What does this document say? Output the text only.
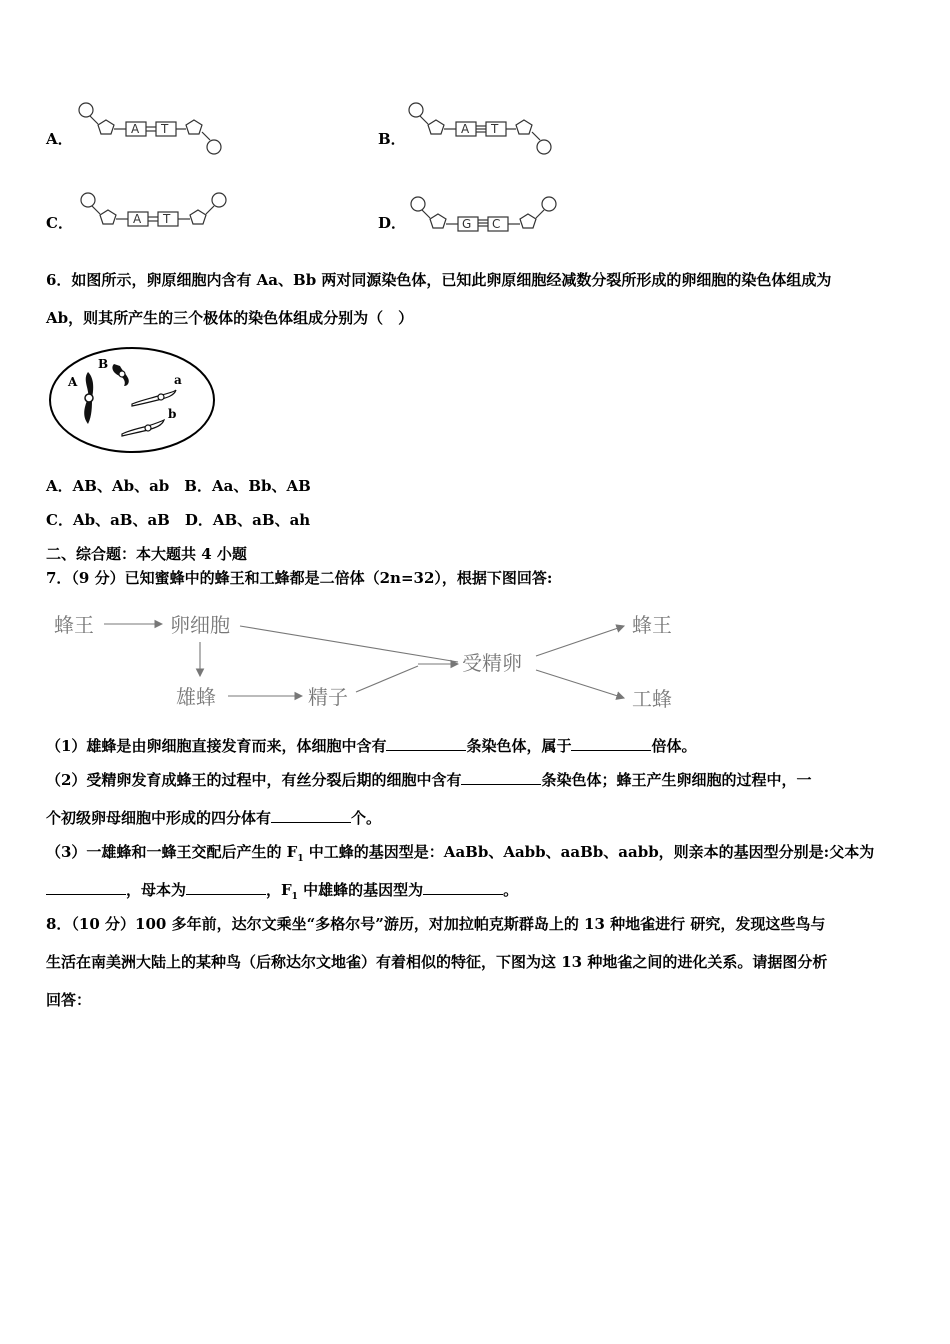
A．
A T
B．
A T
C．	A T	D．	G C
6．如图所示，卵原细胞内含有 Aa、Bb 两对同源染色体，已知此卵原细胞经减数分裂所形成的卵细胞的染色体组成为
Ab，则其所产生的三个极体的染色体组成分别为（　）
A
B
a
b
A．AB、Ab、ab　B．Aa、Bb、AB
C．Ab、aB、aB　D．AB、aB、ah
二、综合题：本大题共 4 小题
7．（9 分）已知蜜蜂中的蜂王和工蜂都是二倍体（2n=32），根据下图回答:
蜂王	卵细胞
雄蜂	精子
受精卵
蜂王
工蜂
（1）雄蜂是由卵细胞直接发育而来，体细胞中含有	条染色体，属于	倍体。
（2）受精卵发育成蜂王的过程中，有丝分裂后期的细胞中含有	条染色体；蜂王产生卵细胞的过程中，一
个初级卵母细胞中形成的四分体有	个。
（3）一雄蜂和一蜂王交配后产生的 $F_1$ 中工蜂的基因型是：AaBb、Aabb、aaBb、aabb，则亲本的基因型分别是:父本为
，母本为	，$F_1$ 中雄蜂的基因型为	。
8．（10 分）100 多年前，达尔文乘坐“多格尔号”游历，对加拉帕克斯群岛上的 13 种地雀进行 研究，发现这些鸟与
生活在南美洲大陆上的某种鸟（后称达尔文地雀）有着相似的特征，下图为这 13 种地雀之间的进化关系。请据图分析
回答：
